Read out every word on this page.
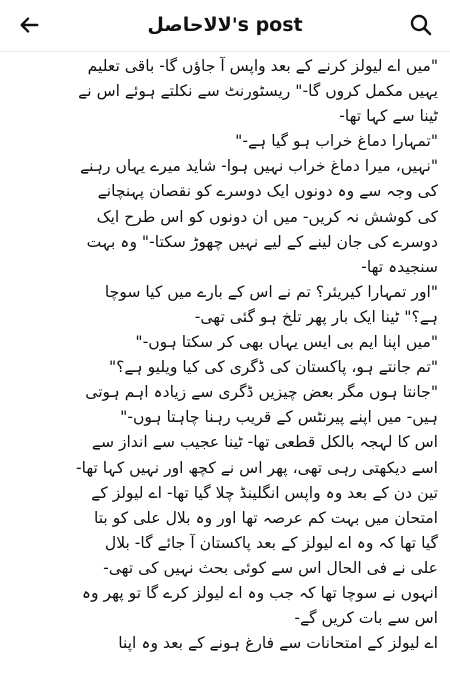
لالاحاصل's post

"میں اے لیولز کرنے کے بعد واپس آ جاؤں گا- باقی تعلیم
یہیں مکمل کروں گا-" ریسٹورنٹ سے نکلتے ہوئے اس نے
ٹینا سے کہا تھا-
"تمہارا دماغ خراب ہو گیا ہے-"
"نہیں، میرا دماغ خراب نہیں ہوا- شاید میرے یہاں رہنے
کی وجہ سے وہ دونوں ایک دوسرے کو نقصان پہنچانے
کی کوشش نہ کریں- میں ان دونوں کو اس طرح ایک
دوسرے کی جان لینے کے لیے نہیں چھوڑ سکتا-" وہ بہت
سنجیدہ تھا-
"اور تمہارا کیریئر؟ تم نے اس کے بارے میں کیا سوچا
ہے؟" ٹینا ایک بار پھر تلخ ہو گئی تھی-
"میں اپنا ایم بی ایس یہاں بھی کر سکتا ہوں-"
"تم جانتے ہو، پاکستان کی ڈگری کی کیا ویلیو ہے؟"
"جانتا ہوں مگر بعض چیزیں ڈگری سے زیادہ اہم ہوتی
ہیں- میں اپنے پیرنٹس کے قریب رہنا چاہتا ہوں-"
اس کا لہجہ بالکل قطعی تھا- ٹینا عجیب سے انداز سے
اسے دیکھتی رہی تھی، پھر اس نے کچھ اور نہیں کہا تھا-
تین دن کے بعد وہ واپس انگلینڈ چلا گیا تھا- اے لیولز کے
امتحان میں بہت کم عرصہ تھا اور وہ بلال علی کو بتا
گیا تھا کہ وہ اے لیولز کے بعد پاکستان آ جائے گا- بلال
علی نے فی الحال اس سے کوئی بحث نہیں کی تھی-
انہوں نے سوچا تھا کہ جب وہ اے لیولز کرے گا تو پھر وہ
اس سے بات کریں گے-
اے لیولز کے امتحانات سے فارغ ہونے کے بعد وہ اپنا
